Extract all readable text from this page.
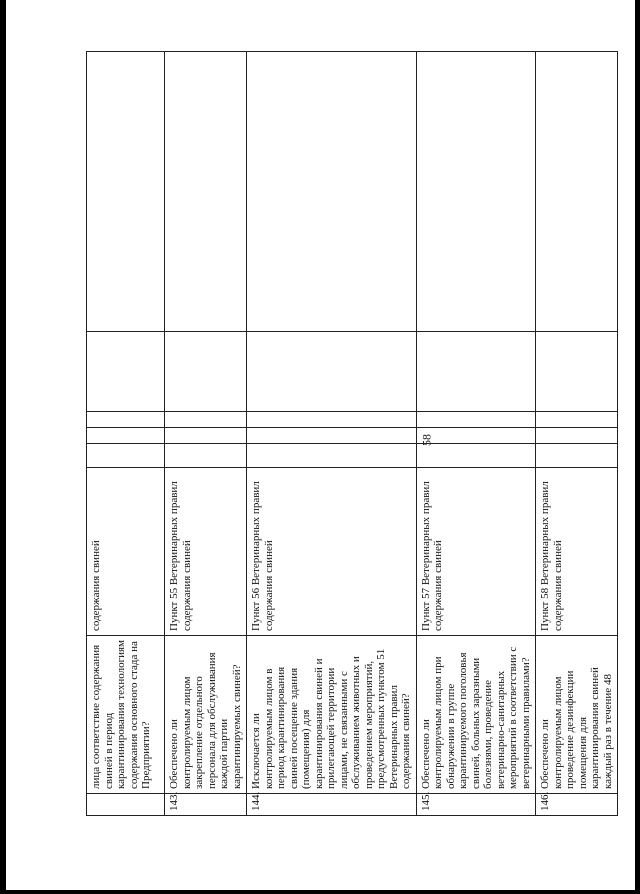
58
	лица соответствие содержания свиней в период карантинирования технологиям содержания основного стада на Предприятии?	содержания свиней					
143.	Обеспечено ли контролируемым лицом закрепление отдельного персонала для обслуживания каждой партии карантинируемых свиней?	Пункт 55 Ветеринарных правил содержания свиней					
144.	Исключается ли контролируемым лицом в период карантинирования свиней посещение здания (помещения) для карантинирования свиней и прилегающей территории лицами, не связанными с обслуживанием животных и проведением мероприятий, предусмотренных пунктом 51 Ветеринарных правил содержания свиней?	Пункт 56 Ветеринарных правил содержания свиней					
145.	Обеспечено ли контролируемым лицом при обнаружении в группе карантинируемого поголовья свиней, больных заразными болезнями, проведение ветеринарно-санитарных мероприятий в соответствии с ветеринарными правилами?	Пункт 57 Ветеринарных правил содержания свиней					
146.	Обеспечено ли контролируемым лицом проведение дезинфекции помещения для карантинирования свиней каждый раз в течение 48	Пункт 58 Ветеринарных правил содержания свиней					
